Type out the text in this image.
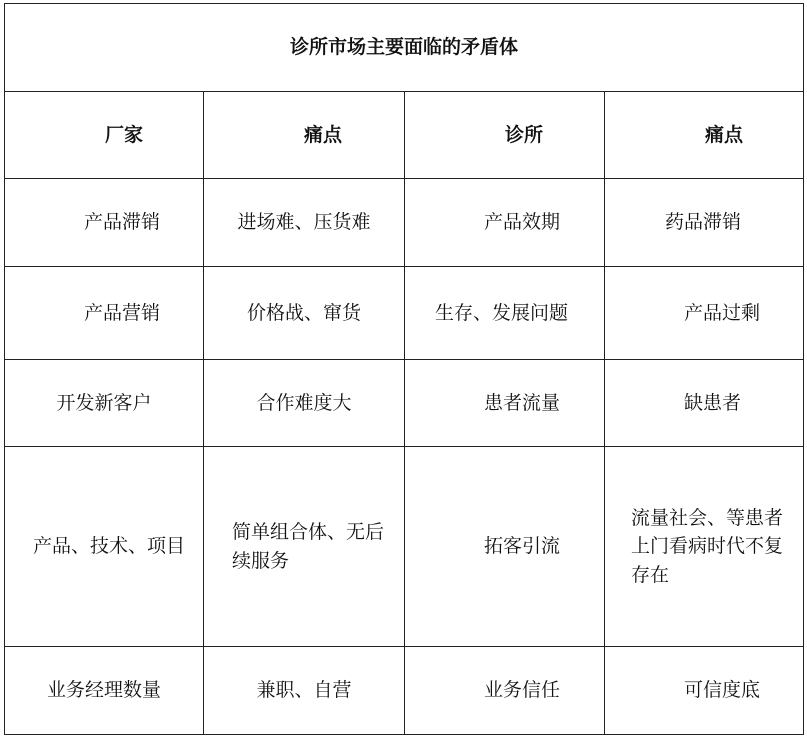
诊所市场主要面临的矛盾体			
厂家	痛点	诊所	痛点
产品滞销	进场难、压货难	产品效期	药品滞销
产品营销	价格战、窜货	生存、发展问题	产品过剩
开发新客户	合作难度大	患者流量	缺患者
产品、技术、项目	简单组合体、无后续服务	拓客引流	流量社会、等患者上门看病时代不复存在
业务经理数量	兼职、自营	业务信任	可信度底
